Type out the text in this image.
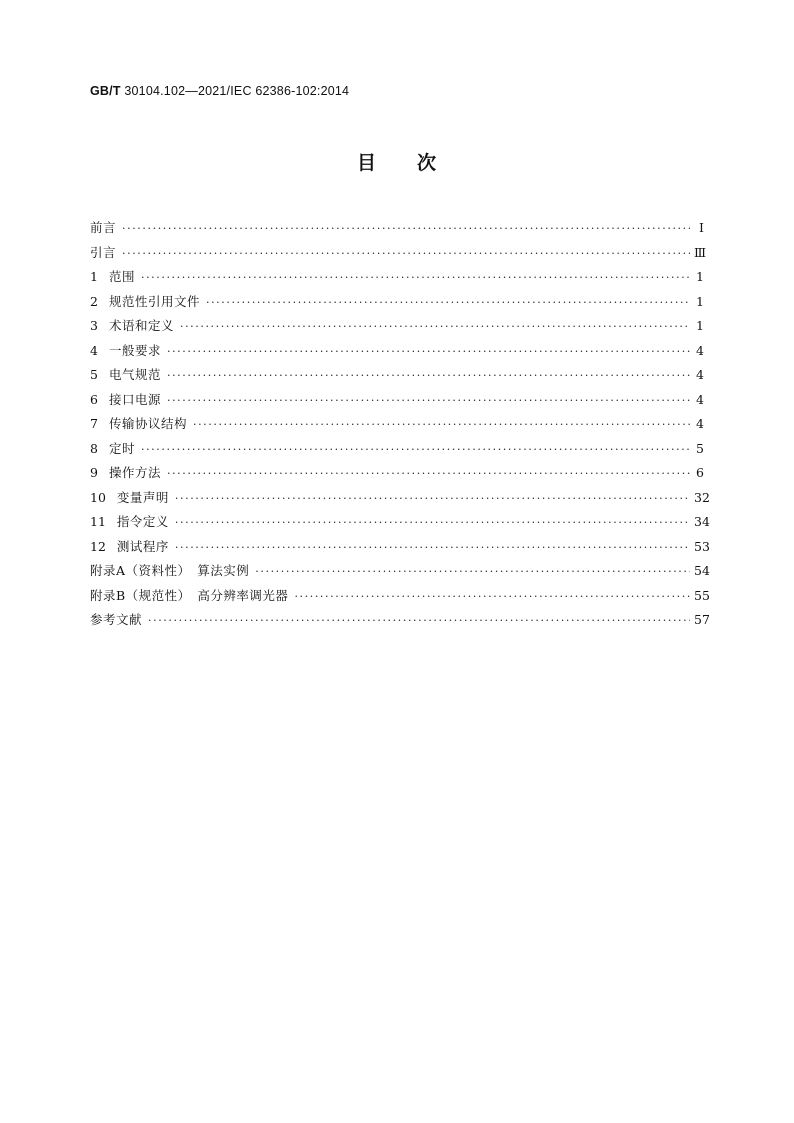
GB/T 30104.102—2021/IEC 62386-102:2014
目　　次
前言 ·····	Ⅰ
引言 ·····	Ⅲ
1 范围 ·····	1
2 规范性引用文件 ·····	1
3 术语和定义 ·····	1
4 一般要求 ·····	4
5 电气规范 ·····	4
6 接口电源 ·····	4
7 传输协议结构 ·····	4
8 定时 ·····	5
9 操作方法 ·····	6
10 变量声明 ·····	32
11 指令定义 ·····	34
12 测试程序 ·····	53
附录A（资料性）　算法实例 ·····	54
附录B（规范性）　高分辨率调光器 ·····	55
参考文献 ·····	57
